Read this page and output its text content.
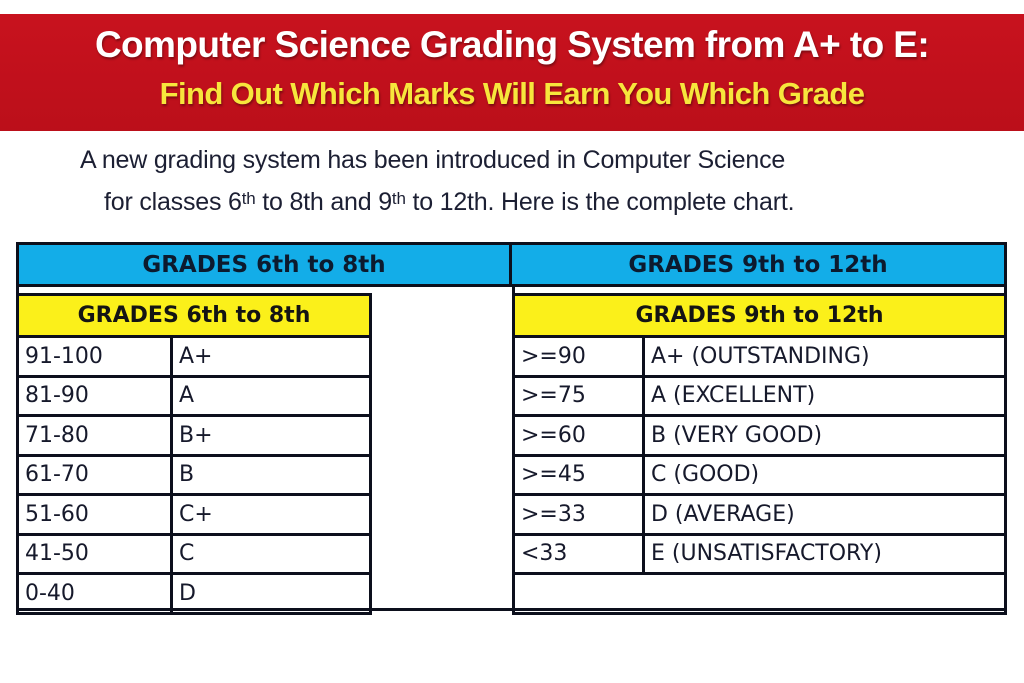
Computer Science Grading System from A+ to E:
Find Out Which Marks Will Earn You Which Grade
A new grading system has been introduced in Computer Science
for classes 6th to 8th and 9th to 12th. Here is the complete chart.
GRADES 6th to 8th	GRADES 9th to 12th
GRADES 6th to 8th	
91-100	A+
81-90	A
71-80	B+
61-70	B
51-60	C+
41-50	C
0-40	D
GRADES 9th to 12th	
>=90	A+ (OUTSTANDING)
>=75	A (EXCELLENT)
>=60	B (VERY GOOD)
>=45	C (GOOD)
>=33	D (AVERAGE)
<33	E (UNSATISFACTORY)
